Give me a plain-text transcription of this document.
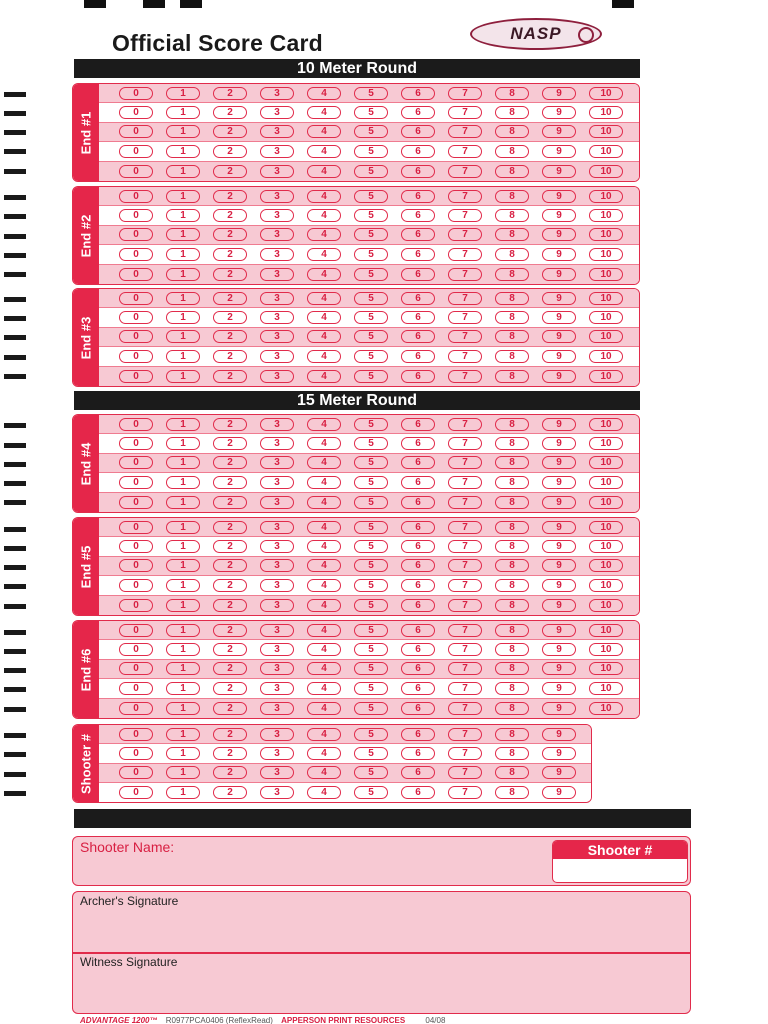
Official Score Card	NASP
10 Meter Round
15 Meter Round
End #1
0	1	2	3	4	5	6	7	8	9	10
0	1	2	3	4	5	6	7	8	9	10
0	1	2	3	4	5	6	7	8	9	10
0	1	2	3	4	5	6	7	8	9	10
0	1	2	3	4	5	6	7	8	9	10
End #2
0	1	2	3	4	5	6	7	8	9	10
0	1	2	3	4	5	6	7	8	9	10
0	1	2	3	4	5	6	7	8	9	10
0	1	2	3	4	5	6	7	8	9	10
0	1	2	3	4	5	6	7	8	9	10
End #3
0	1	2	3	4	5	6	7	8	9	10
0	1	2	3	4	5	6	7	8	9	10
0	1	2	3	4	5	6	7	8	9	10
0	1	2	3	4	5	6	7	8	9	10
0	1	2	3	4	5	6	7	8	9	10
End #4
0	1	2	3	4	5	6	7	8	9	10
0	1	2	3	4	5	6	7	8	9	10
0	1	2	3	4	5	6	7	8	9	10
0	1	2	3	4	5	6	7	8	9	10
0	1	2	3	4	5	6	7	8	9	10
End #5
0	1	2	3	4	5	6	7	8	9	10
0	1	2	3	4	5	6	7	8	9	10
0	1	2	3	4	5	6	7	8	9	10
0	1	2	3	4	5	6	7	8	9	10
0	1	2	3	4	5	6	7	8	9	10
End #6
0	1	2	3	4	5	6	7	8	9	10
0	1	2	3	4	5	6	7	8	9	10
0	1	2	3	4	5	6	7	8	9	10
0	1	2	3	4	5	6	7	8	9	10
0	1	2	3	4	5	6	7	8	9	10
Shooter #	0	1	2	3	4	5	6	7	8	9
0	1	2	3	4	5	6	7	8	9
0	1	2	3	4	5	6	7	8	9
0	1	2	3	4	5	6	7	8	9
Shooter Name:	Shooter #
Archer's Signature
Witness Signature
ADVANTAGE 1200™ R0977PCA0406 (ReflexRead) APPERSON PRINT RESOURCES	04/08
